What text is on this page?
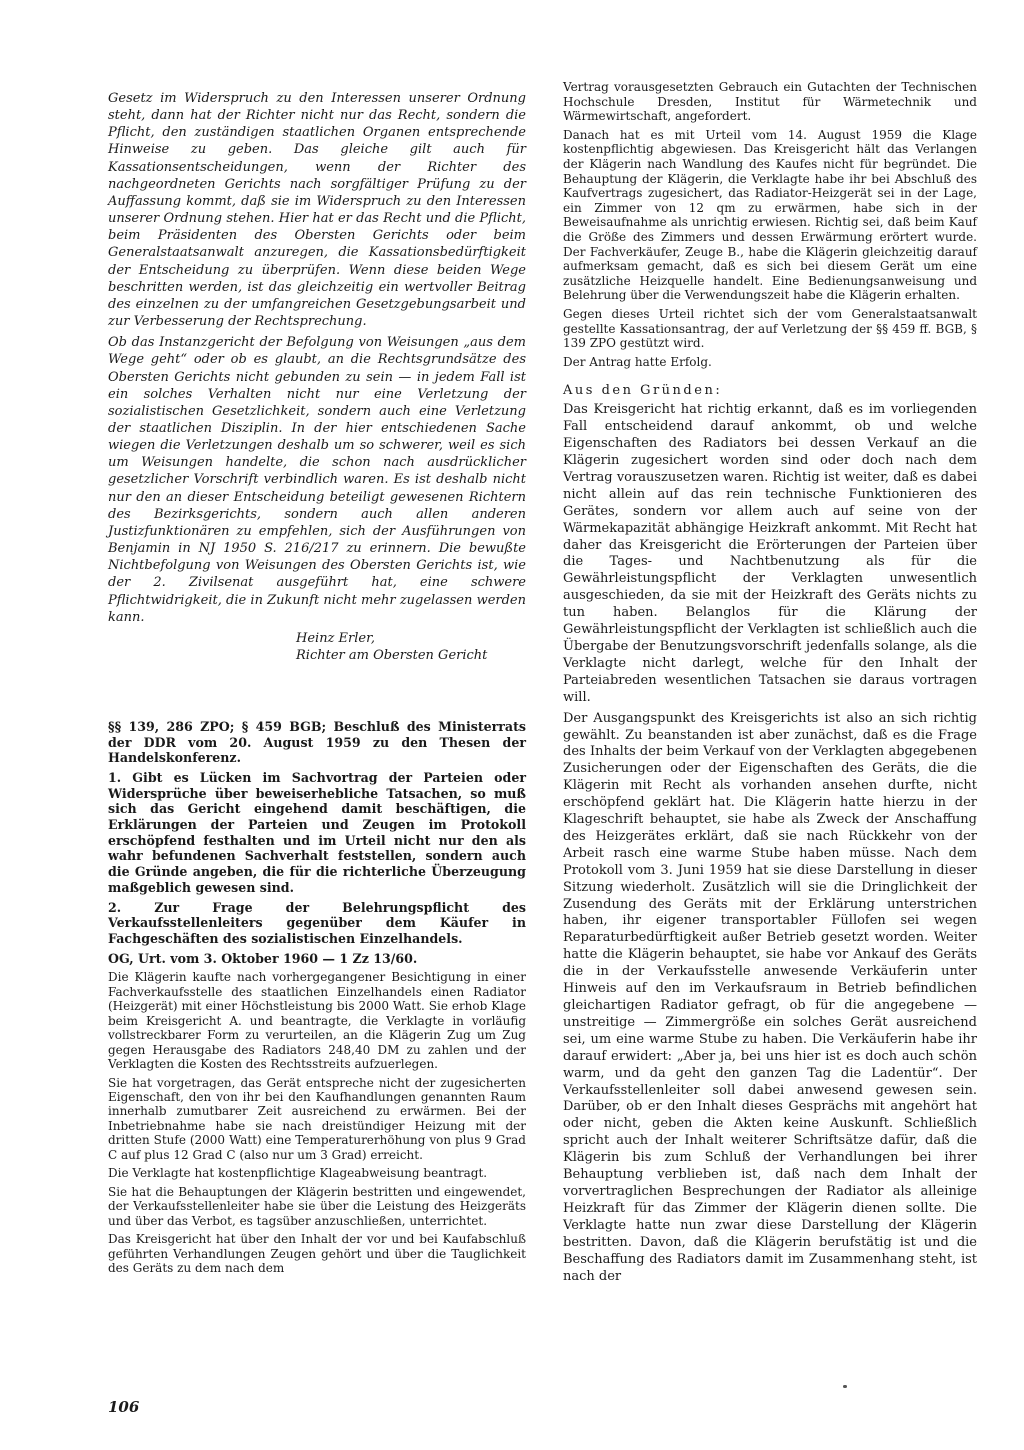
Gesetz im Widerspruch zu den Interessen unserer Ordnung steht, dann hat der Richter nicht nur das Recht, sondern die Pflicht, den zuständigen staatlichen Organen entsprechende Hinweise zu geben. Das gleiche gilt auch für Kassationsentscheidungen, wenn der Richter des nachgeordneten Gerichts nach sorgfältiger Prüfung zu der Auffassung kommt, daß sie im Widerspruch zu den Interessen unserer Ordnung stehen. Hier hat er das Recht und die Pflicht, beim Präsidenten des Obersten Gerichts oder beim Generalstaatsanwalt anzuregen, die Kassationsbedürftigkeit der Entscheidung zu überprüfen. Wenn diese beiden Wege beschritten werden, ist das gleichzeitig ein wertvoller Beitrag des einzelnen zu der umfangreichen Gesetzgebungsarbeit und zur Verbesserung der Rechtsprechung.

Ob das Instanzgericht der Befolgung von Weisungen „aus dem Wege geht“ oder ob es glaubt, an die Rechtsgrundsätze des Obersten Gerichts nicht gebunden zu sein — in jedem Fall ist ein solches Verhalten nicht nur eine Verletzung der sozialistischen Gesetzlichkeit, sondern auch eine Verletzung der staatlichen Disziplin. In der hier entschiedenen Sache wiegen die Verletzungen deshalb um so schwerer, weil es sich um Weisungen handelte, die schon nach ausdrücklicher gesetzlicher Vorschrift verbindlich waren. Es ist deshalb nicht nur den an dieser Entscheidung beteiligt gewesenen Richtern des Bezirksgerichts, sondern auch allen anderen Justizfunktionären zu empfehlen, sich der Ausführungen von Benjamin in NJ 1950 S. 216/217 zu erinnern. Die bewußte Nichtbefolgung von Weisungen des Obersten Gerichts ist, wie der 2. Zivilsenat ausgeführt hat, eine schwere Pflichtwidrigkeit, die in Zukunft nicht mehr zugelassen werden kann.

Heinz Erler,
Richter am Obersten Gericht

§§ 139, 286 ZPO; § 459 BGB; Beschluß des Ministerrats der DDR vom 20. August 1959 zu den Thesen der Handelskonferenz.

1. Gibt es Lücken im Sachvortrag der Parteien oder Widersprüche über beweiserhebliche Tatsachen, so muß sich das Gericht eingehend damit beschäftigen, die Erklärungen der Parteien und Zeugen im Protokoll erschöpfend festhalten und im Urteil nicht nur den als wahr befundenen Sachverhalt feststellen, sondern auch die Gründe angeben, die für die richterliche Überzeugung maßgeblich gewesen sind.

2. Zur Frage der Belehrungspflicht des Verkaufsstellenleiters gegenüber dem Käufer in Fachgeschäften des sozialistischen Einzelhandels.

OG, Urt. vom 3. Oktober 1960 — 1 Zz 13/60.

Die Klägerin kaufte nach vorhergegangener Besichtigung in einer Fachverkaufsstelle des staatlichen Einzelhandels einen Radiator (Heizgerät) mit einer Höchstleistung bis 2000 Watt. Sie erhob Klage beim Kreisgericht A. und beantragte, die Verklagte in vorläufig vollstreckbarer Form zu verurteilen, an die Klägerin Zug um Zug gegen Herausgabe des Radiators 248,40 DM zu zahlen und der Verklagten die Kosten des Rechtsstreits aufzuerlegen.

Sie hat vorgetragen, das Gerät entspreche nicht der zugesicherten Eigenschaft, den von ihr bei den Kaufhandlungen genannten Raum innerhalb zumutbarer Zeit ausreichend zu erwärmen. Bei der Inbetriebnahme habe sie nach dreistündiger Heizung mit der dritten Stufe (2000 Watt) eine Temperaturerhöhung von plus 9 Grad C auf plus 12 Grad C (also nur um 3 Grad) erreicht.

Die Verklagte hat kostenpflichtige Klageabweisung beantragt.

Sie hat die Behauptungen der Klägerin bestritten und eingewendet, der Verkaufsstellenleiter habe sie über die Leistung des Heizgeräts und über das Verbot, es tagsüber anzuschließen, unterrichtet.

Das Kreisgericht hat über den Inhalt der vor und bei Kaufabschluß geführten Verhandlungen Zeugen gehört und über die Tauglichkeit des Geräts zu dem nach dem

Vertrag vorausgesetzten Gebrauch ein Gutachten der Technischen Hochschule Dresden, Institut für Wärmetechnik und Wärmewirtschaft, angefordert.

Danach hat es mit Urteil vom 14. August 1959 die Klage kostenpflichtig abgewiesen. Das Kreisgericht hält das Verlangen der Klägerin nach Wandlung des Kaufes nicht für begründet. Die Behauptung der Klägerin, die Verklagte habe ihr bei Abschluß des Kaufvertrags zugesichert, das Radiator-Heizgerät sei in der Lage, ein Zimmer von 12 qm zu erwärmen, habe sich in der Beweisaufnahme als unrichtig erwiesen. Richtig sei, daß beim Kauf die Größe des Zimmers und dessen Erwärmung erörtert wurde. Der Fachverkäufer, Zeuge B., habe die Klägerin gleichzeitig darauf aufmerksam gemacht, daß es sich bei diesem Gerät um eine zusätzliche Heizquelle handelt. Eine Bedienungsanweisung und Belehrung über die Verwendungszeit habe die Klägerin erhalten.

Gegen dieses Urteil richtet sich der vom Generalstaatsanwalt gestellte Kassationsantrag, der auf Verletzung der §§ 459 ff. BGB, § 139 ZPO gestützt wird.

Der Antrag hatte Erfolg.

Aus den Gründen:

Das Kreisgericht hat richtig erkannt, daß es im vorliegenden Fall entscheidend darauf ankommt, ob und welche Eigenschaften des Radiators bei dessen Verkauf an die Klägerin zugesichert worden sind oder doch nach dem Vertrag vorauszusetzen waren. Richtig ist weiter, daß es dabei nicht allein auf das rein technische Funktionieren des Gerätes, sondern vor allem auch auf seine von der Wärmekapazität abhängige Heizkraft ankommt. Mit Recht hat daher das Kreisgericht die Erörterungen der Parteien über die Tages- und Nachtbenutzung als für die Gewährleistungspflicht der Verklagten unwesentlich ausgeschieden, da sie mit der Heizkraft des Geräts nichts zu tun haben. Belanglos für die Klärung der Gewährleistungspflicht der Verklagten ist schließlich auch die Übergabe der Benutzungsvorschrift jedenfalls solange, als die Verklagte nicht darlegt, welche für den Inhalt der Parteiabreden wesentlichen Tatsachen sie daraus vortragen will.

Der Ausgangspunkt des Kreisgerichts ist also an sich richtig gewählt. Zu beanstanden ist aber zunächst, daß es die Frage des Inhalts der beim Verkauf von der Verklagten abgegebenen Zusicherungen oder der Eigenschaften des Geräts, die die Klägerin mit Recht als vorhanden ansehen durfte, nicht erschöpfend geklärt hat. Die Klägerin hatte hierzu in der Klageschrift behauptet, sie habe als Zweck der Anschaffung des Heizgerätes erklärt, daß sie nach Rückkehr von der Arbeit rasch eine warme Stube haben müsse. Nach dem Protokoll vom 3. Juni 1959 hat sie diese Darstellung in dieser Sitzung wiederholt. Zusätzlich will sie die Dringlichkeit der Zusendung des Geräts mit der Erklärung unterstrichen haben, ihr eigener transportabler Füllofen sei wegen Reparaturbedürftigkeit außer Betrieb gesetzt worden. Weiter hatte die Klägerin behauptet, sie habe vor Ankauf des Geräts die in der Verkaufsstelle anwesende Verkäuferin unter Hinweis auf den im Verkaufsraum in Betrieb befindlichen gleichartigen Radiator gefragt, ob für die angegebene — unstreitige — Zimmergröße ein solches Gerät ausreichend sei, um eine warme Stube zu haben. Die Verkäuferin habe ihr darauf erwidert: „Aber ja, bei uns hier ist es doch auch schön warm, und da geht den ganzen Tag die Ladentür“. Der Verkaufsstellenleiter soll dabei anwesend gewesen sein. Darüber, ob er den Inhalt dieses Gesprächs mit angehört hat oder nicht, geben die Akten keine Auskunft. Schließlich spricht auch der Inhalt weiterer Schriftsätze dafür, daß die Klägerin bis zum Schluß der Verhandlungen bei ihrer Behauptung verblieben ist, daß nach dem Inhalt der vorvertraglichen Besprechungen der Radiator als alleinige Heizkraft für das Zimmer der Klägerin dienen sollte. Die Verklagte hatte nun zwar diese Darstellung der Klägerin bestritten. Davon, daß die Klägerin berufstätig ist und die Beschaffung des Radiators damit im Zusammenhang steht, ist nach der

106
